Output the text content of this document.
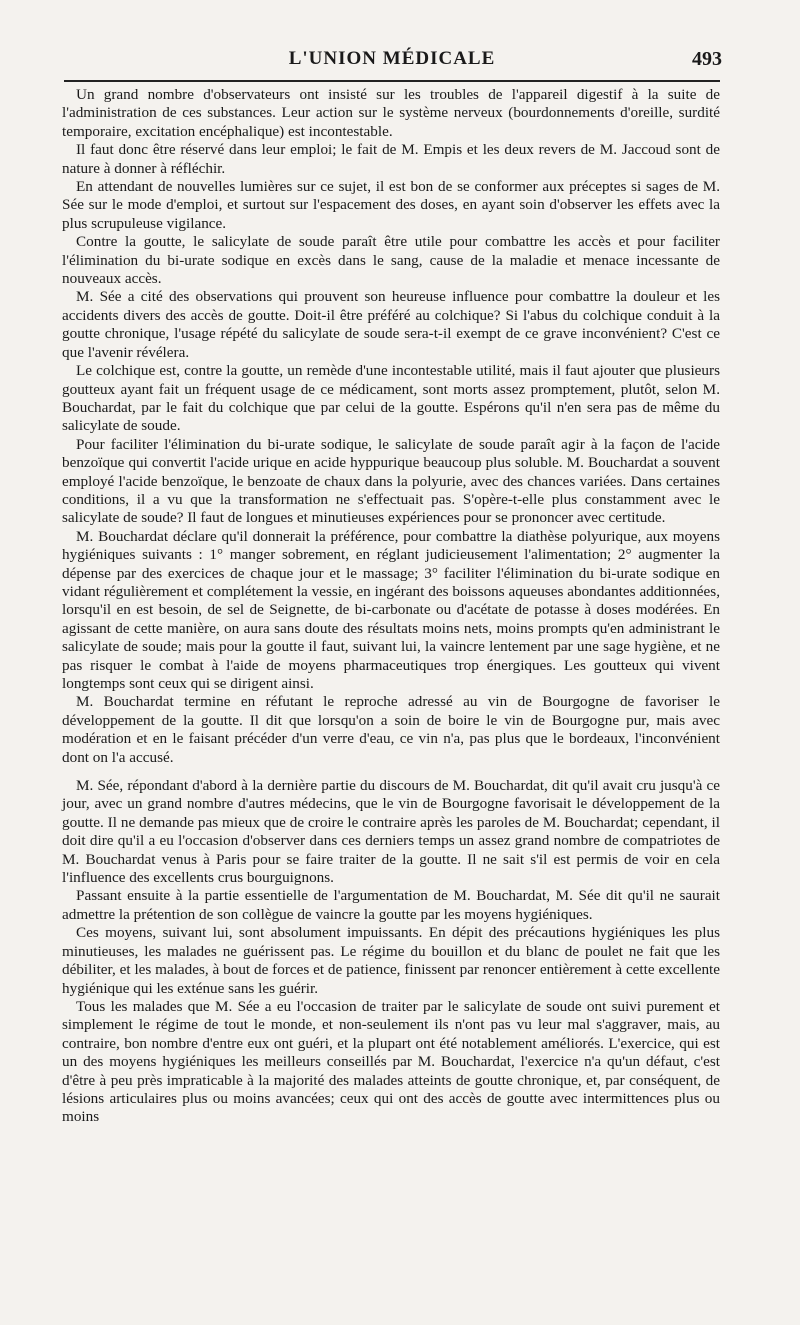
L'UNION MÉDICALE	493

Un grand nombre d'observateurs ont insisté sur les troubles de l'appareil digestif à la suite de l'administration de ces substances. Leur action sur le système nerveux (bourdonnements d'oreille, surdité temporaire, excitation encéphalique) est incontestable.

Il faut donc être réservé dans leur emploi; le fait de M. Empis et les deux revers de M. Jaccoud sont de nature à donner à réfléchir.

En attendant de nouvelles lumières sur ce sujet, il est bon de se conformer aux préceptes si sages de M. Sée sur le mode d'emploi, et surtout sur l'espacement des doses, en ayant soin d'observer les effets avec la plus scrupuleuse vigilance.

Contre la goutte, le salicylate de soude paraît être utile pour combattre les accès et pour faciliter l'élimination du bi-urate sodique en excès dans le sang, cause de la maladie et menace incessante de nouveaux accès.

M. Sée a cité des observations qui prouvent son heureuse influence pour combattre la douleur et les accidents divers des accès de goutte. Doit-il être préféré au colchique? Si l'abus du colchique conduit à la goutte chronique, l'usage répété du salicylate de soude sera-t-il exempt de ce grave inconvénient? C'est ce que l'avenir révélera.

Le colchique est, contre la goutte, un remède d'une incontestable utilité, mais il faut ajouter que plusieurs goutteux ayant fait un fréquent usage de ce médicament, sont morts assez promptement, plutôt, selon M. Bouchardat, par le fait du colchique que par celui de la goutte. Espérons qu'il n'en sera pas de même du salicylate de soude.

Pour faciliter l'élimination du bi-urate sodique, le salicylate de soude paraît agir à la façon de l'acide benzoïque qui convertit l'acide urique en acide hyppurique beaucoup plus soluble. M. Bouchardat a souvent employé l'acide benzoïque, le benzoate de chaux dans la polyurie, avec des chances variées. Dans certaines conditions, il a vu que la transformation ne s'effectuait pas. S'opère-t-elle plus constamment avec le salicylate de soude? Il faut de longues et minutieuses expériences pour se prononcer avec certitude.

M. Bouchardat déclare qu'il donnerait la préférence, pour combattre la diathèse polyurique, aux moyens hygiéniques suivants : 1° manger sobrement, en réglant judicieusement l'alimentation; 2° augmenter la dépense par des exercices de chaque jour et le massage; 3° faciliter l'élimination du bi-urate sodique en vidant régulièrement et complétement la vessie, en ingérant des boissons aqueuses abondantes additionnées, lorsqu'il en est besoin, de sel de Seignette, de bi-carbonate ou d'acétate de potasse à doses modérées. En agissant de cette manière, on aura sans doute des résultats moins nets, moins prompts qu'en administrant le salicylate de soude; mais pour la goutte il faut, suivant lui, la vaincre lentement par une sage hygiène, et ne pas risquer le combat à l'aide de moyens pharmaceutiques trop énergiques. Les goutteux qui vivent longtemps sont ceux qui se dirigent ainsi.

M. Bouchardat termine en réfutant le reproche adressé au vin de Bourgogne de favoriser le développement de la goutte. Il dit que lorsqu'on a soin de boire le vin de Bourgogne pur, mais avec modération et en le faisant précéder d'un verre d'eau, ce vin n'a, pas plus que le bordeaux, l'inconvénient dont on l'a accusé.

M. Sée, répondant d'abord à la dernière partie du discours de M. Bouchardat, dit qu'il avait cru jusqu'à ce jour, avec un grand nombre d'autres médecins, que le vin de Bourgogne favorisait le développement de la goutte. Il ne demande pas mieux que de croire le contraire après les paroles de M. Bouchardat; cependant, il doit dire qu'il a eu l'occasion d'observer dans ces derniers temps un assez grand nombre de compatriotes de M. Bouchardat venus à Paris pour se faire traiter de la goutte. Il ne sait s'il est permis de voir en cela l'influence des excellents crus bourguignons.

Passant ensuite à la partie essentielle de l'argumentation de M. Bouchardat, M. Sée dit qu'il ne saurait admettre la prétention de son collègue de vaincre la goutte par les moyens hygiéniques.

Ces moyens, suivant lui, sont absolument impuissants. En dépit des précautions hygiéniques les plus minutieuses, les malades ne guérissent pas. Le régime du bouillon et du blanc de poulet ne fait que les débiliter, et les malades, à bout de forces et de patience, finissent par renoncer entièrement à cette excellente hygiénique qui les exténue sans les guérir.

Tous les malades que M. Sée a eu l'occasion de traiter par le salicylate de soude ont suivi purement et simplement le régime de tout le monde, et non-seulement ils n'ont pas vu leur mal s'aggraver, mais, au contraire, bon nombre d'entre eux ont guéri, et la plupart ont été notablement améliorés. L'exercice, qui est un des moyens hygiéniques les meilleurs conseillés par M. Bouchardat, l'exercice n'a qu'un défaut, c'est d'être à peu près impraticable à la majorité des malades atteints de goutte chronique, et, par conséquent, de lésions articulaires plus ou moins avancées; ceux qui ont des accès de goutte avec intermittences plus ou moins
